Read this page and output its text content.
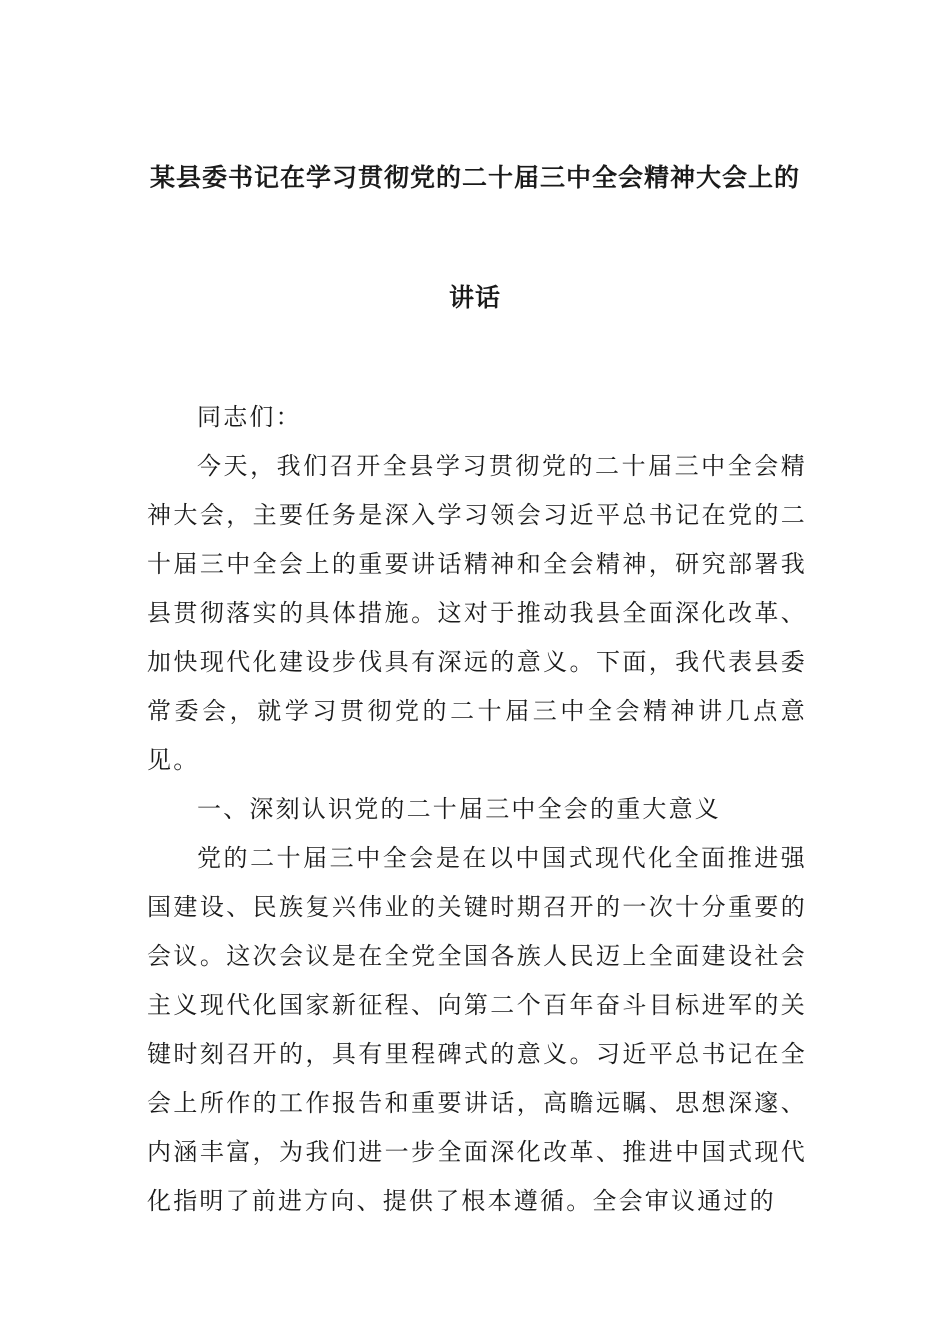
某县委书记在学习贯彻党的二十届三中全会精神大会上的
讲话

同志们：

今天，我们召开全县学习贯彻党的二十届三中全会精神大会，主要任务是深入学习领会习近平总书记在党的二十届三中全会上的重要讲话精神和全会精神，研究部署我县贯彻落实的具体措施。这对于推动我县全面深化改革、加快现代化建设步伐具有深远的意义。下面，我代表县委常委会，就学习贯彻党的二十届三中全会精神讲几点意见。

一、深刻认识党的二十届三中全会的重大意义

党的二十届三中全会是在以中国式现代化全面推进强国建设、民族复兴伟业的关键时期召开的一次十分重要的会议。这次会议是在全党全国各族人民迈上全面建设社会主义现代化国家新征程、向第二个百年奋斗目标进军的关键时刻召开的，具有里程碑式的意义。习近平总书记在全会上所作的工作报告和重要讲话，高瞻远瞩、思想深邃、内涵丰富，为我们进一步全面深化改革、推进中国式现代化指明了前进方向、提供了根本遵循。全会审议通过的
